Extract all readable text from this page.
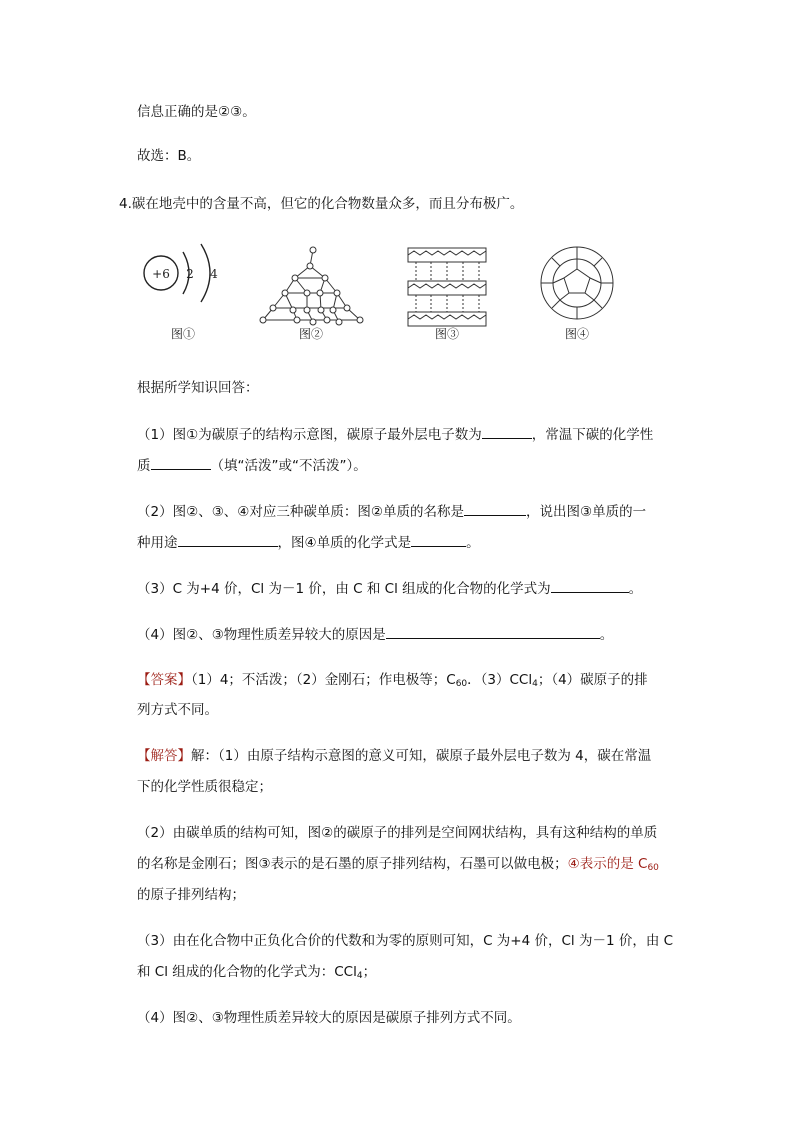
信息正确的是②③。
故选：B。
4.碳在地壳中的含量不高，但它的化合物数量众多，而且分布极广。
+6 2 4
图①	图②	图③	图④
根据所学知识回答：
（1）图①为碳原子的结构示意图，碳原子最外层电子数为	，常温下碳的化学性
质	（填“活泼”或“不活泼”）。
（2）图②、③、④对应三种碳单质：图②单质的名称是	，说出图③单质的一
种用途	，图④单质的化学式是	。
（3）C 为+4 价，Cl 为－1 价，由 C 和 Cl 组成的化合物的化学式为	。
（4）图②、③物理性质差异较大的原因是	。
【答案】（1）4；不活泼；（2）金刚石；作电极等；$C_{60}$．（3）CCl$_4$；（4）碳原子的排
列方式不同。
【解答】解：（1）由原子结构示意图的意义可知，碳原子最外层电子数为 4，碳在常温
下的化学性质很稳定；
（2）由碳单质的结构可知，图②的碳原子的排列是空间网状结构，具有这种结构的单质
的名称是金刚石；图③表示的是石墨的原子排列结构，石墨可以做电极；④表示的是 $C_{60}$
的原子排列结构；
（3）由在化合物中正负化合价的代数和为零的原则可知，C 为+4 价，Cl 为－1 价，由 C
和 Cl 组成的化合物的化学式为：CCl$_4$；
（4）图②、③物理性质差异较大的原因是碳原子排列方式不同。
